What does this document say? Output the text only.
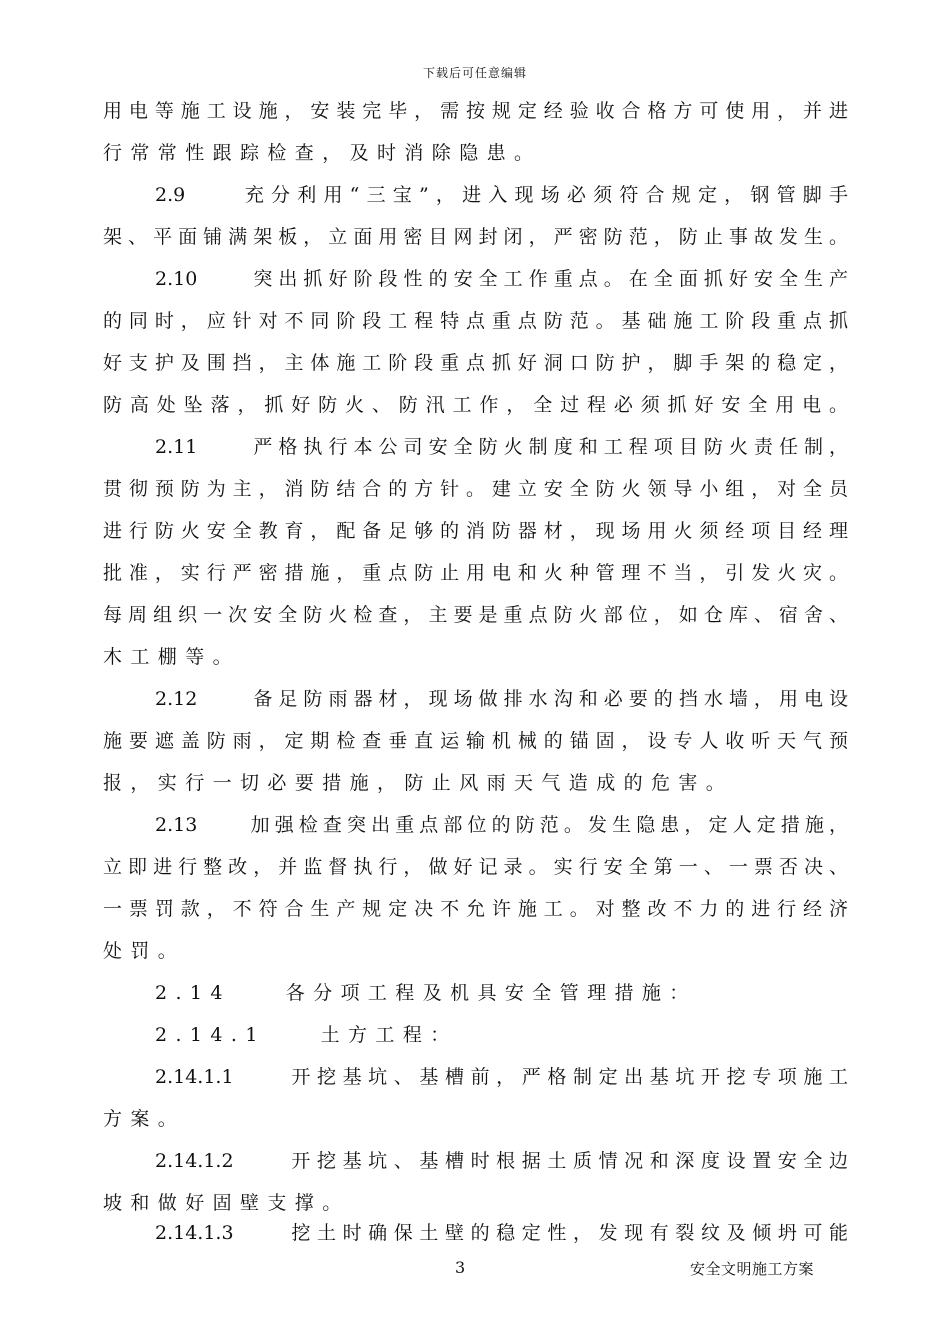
下载后可任意编辑
用电等施工设施，安装完毕，需按规定经验收合格方可使用，并进
行常常性跟踪检查，及时消除隐患。
2.9　　充分利用“三宝”，进入现场必须符合规定，钢管脚手
架、平面铺满架板，立面用密目网封闭，严密防范，防止事故发生。
2.10　　突出抓好阶段性的安全工作重点。在全面抓好安全生产
的同时，应针对不同阶段工程特点重点防范。基础施工阶段重点抓
好支护及围挡，主体施工阶段重点抓好洞口防护，脚手架的稳定，
防高处坠落，抓好防火、防汛工作，全过程必须抓好安全用电。
2.11　　严格执行本公司安全防火制度和工程项目防火责任制，
贯彻预防为主，消防结合的方针。建立安全防火领导小组，对全员
进行防火安全教育，配备足够的消防器材，现场用火须经项目经理
批准，实行严密措施，重点防止用电和火种管理不当，引发火灾。
每周组织一次安全防火检查，主要是重点防火部位，如仓库、宿舍、
木工棚等。
2.12　　备足防雨器材，现场做排水沟和必要的挡水墙，用电设
施要遮盖防雨，定期检查垂直运输机械的锚固，设专人收听天气预
报，实行一切必要措施，防止风雨天气造成的危害。
2.13　　加强检查突出重点部位的防范。发生隐患，定人定措施，
立即进行整改，并监督执行，做好记录。实行安全第一、一票否决、
一票罚款，不符合生产规定决不允许施工。对整改不力的进行经济
处罚。
2.14　　各分项工程及机具安全管理措施：
2.14.1　　土方工程：
2.14.1.1　　开挖基坑、基槽前，严格制定出基坑开挖专项施工
方案。
2.14.1.2　　开挖基坑、基槽时根据土质情况和深度设置安全边
坡和做好固壁支撑。
2.14.1.3　　挖土时确保土壁的稳定性，发现有裂纹及倾坍可能
3	安全文明施工方案
